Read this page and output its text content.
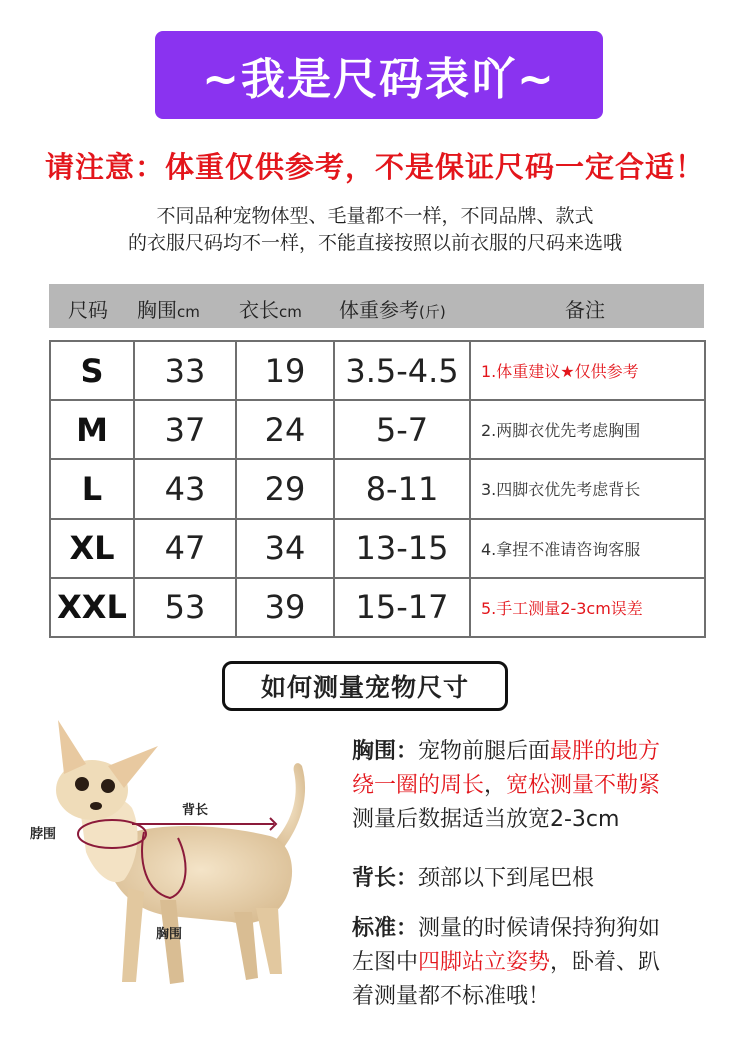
~我是尺码表吖~
请注意：体重仅供参考，不是保证尺码一定合适！
不同品种宠物体型、毛量都不一样，不同品牌、款式
的衣服尺码均不一样，不能直接按照以前衣服的尺码来选哦
尺码 胸围cm 衣长cm 体重参考(斤)	备注
S	33	19	3.5-4.5	1.体重建议★仅供参考
M	37	24	5-7	2.两脚衣优先考虑胸围
L	43	29	8-11	3.四脚衣优先考虑背长
XL	47	34	13-15	4.拿捏不准请咨询客服
XXL	53	39	15-17	5.手工测量2-3cm误差
如何测量宠物尺寸
背长
脖围
胸围
胸围：宠物前腿后面最胖的地方
绕一圈的周长，宽松测量不勒紧
测量后数据适当放宽2-3cm
背长：颈部以下到尾巴根
标准：测量的时候请保持狗狗如
左图中四脚站立姿势，卧着、趴
着测量都不标准哦！
